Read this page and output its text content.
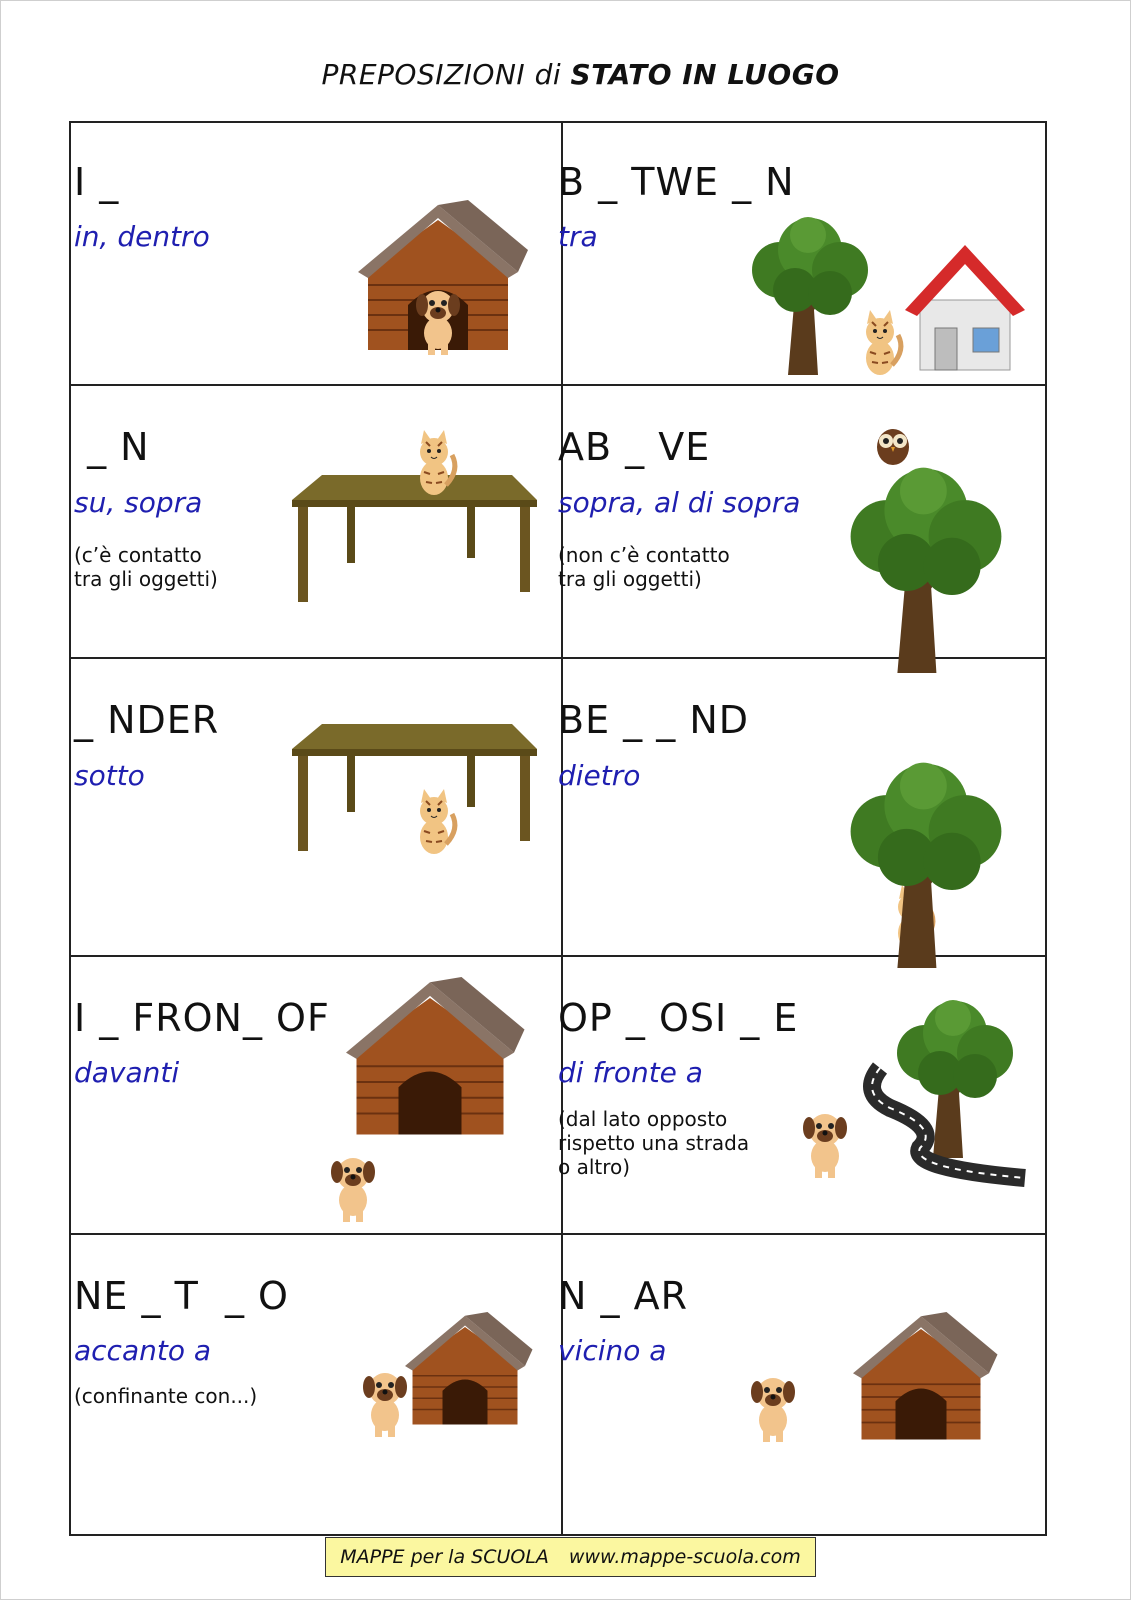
PREPOSIZIONI di STATO IN LUOGO
I _
in, dentro
B _ TWE _ N
tra
_ N
su, sopra
(c’è contatto
tra gli oggetti)
AB _ VE
sopra, al di sopra
(non c’è contatto
tra gli oggetti)
_ NDER
sotto
BE _ _ ND
dietro
I _ FRON_ OF
davanti
OP _ OSI _ E
di fronte a
(dal lato opposto
rispetto una strada
o altro)
NE _ T  _ O
accanto a
(confinante con...)
N _ AR
vicino a
MAPPE per la SCUOLA www.mappe-scuola.com
